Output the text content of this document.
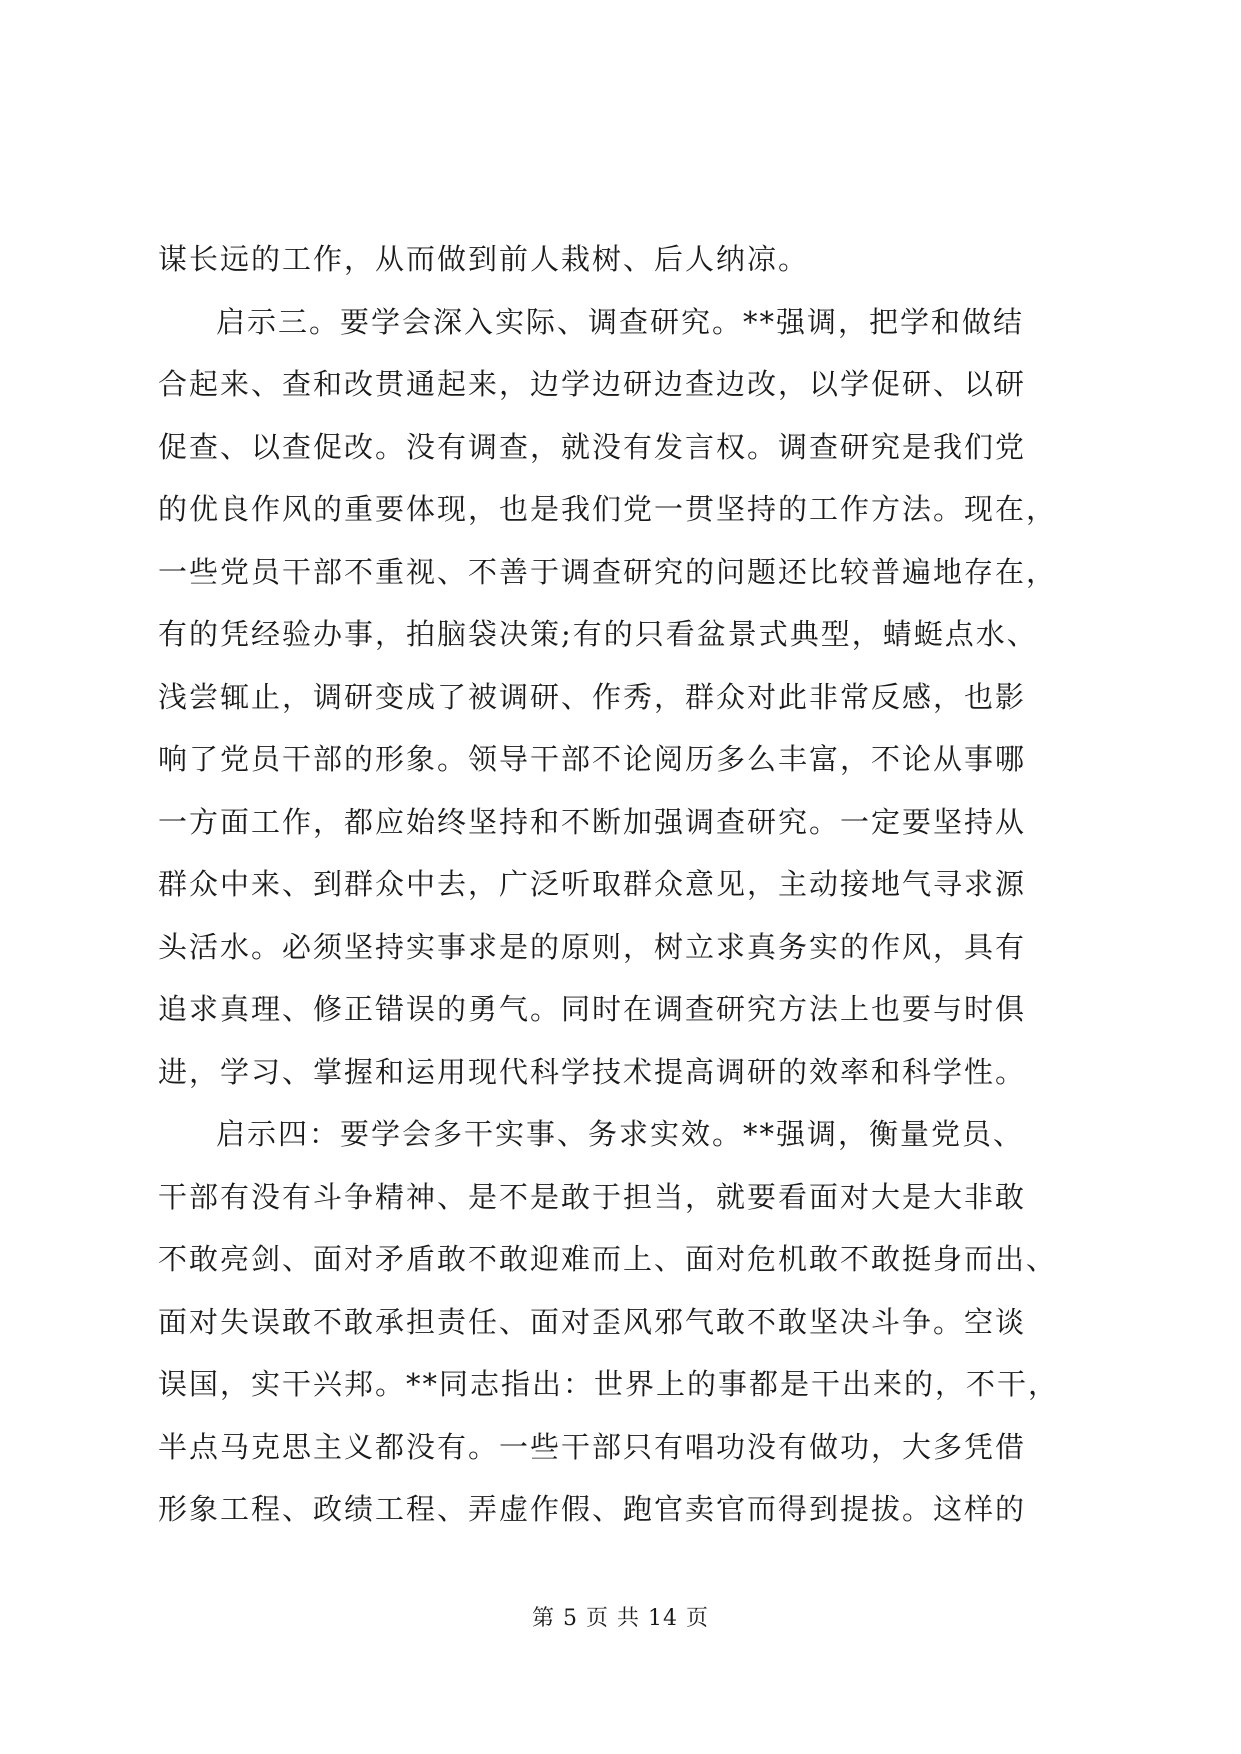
谋长远的工作，从而做到前人栽树、后人纳凉。
启示三。要学会深入实际、调查研究。**强调，把学和做结
合起来、查和改贯通起来，边学边研边查边改，以学促研、以研
促查、以查促改。没有调查，就没有发言权。调查研究是我们党
的优良作风的重要体现，也是我们党一贯坚持的工作方法。现在，
一些党员干部不重视、不善于调查研究的问题还比较普遍地存在，
有的凭经验办事，拍脑袋决策;有的只看盆景式典型，蜻蜓点水、
浅尝辄止，调研变成了被调研、作秀，群众对此非常反感，也影
响了党员干部的形象。领导干部不论阅历多么丰富，不论从事哪
一方面工作，都应始终坚持和不断加强调查研究。一定要坚持从
群众中来、到群众中去，广泛听取群众意见，主动接地气寻求源
头活水。必须坚持实事求是的原则，树立求真务实的作风，具有
追求真理、修正错误的勇气。同时在调查研究方法上也要与时俱
进，学习、掌握和运用现代科学技术提高调研的效率和科学性。
启示四：要学会多干实事、务求实效。**强调，衡量党员、
干部有没有斗争精神、是不是敢于担当，就要看面对大是大非敢
不敢亮剑、面对矛盾敢不敢迎难而上、面对危机敢不敢挺身而出、
面对失误敢不敢承担责任、面对歪风邪气敢不敢坚决斗争。空谈
误国，实干兴邦。**同志指出：世界上的事都是干出来的，不干，
半点马克思主义都没有。一些干部只有唱功没有做功，大多凭借
形象工程、政绩工程、弄虚作假、跑官卖官而得到提拔。这样的
第 5 页 共 14 页
